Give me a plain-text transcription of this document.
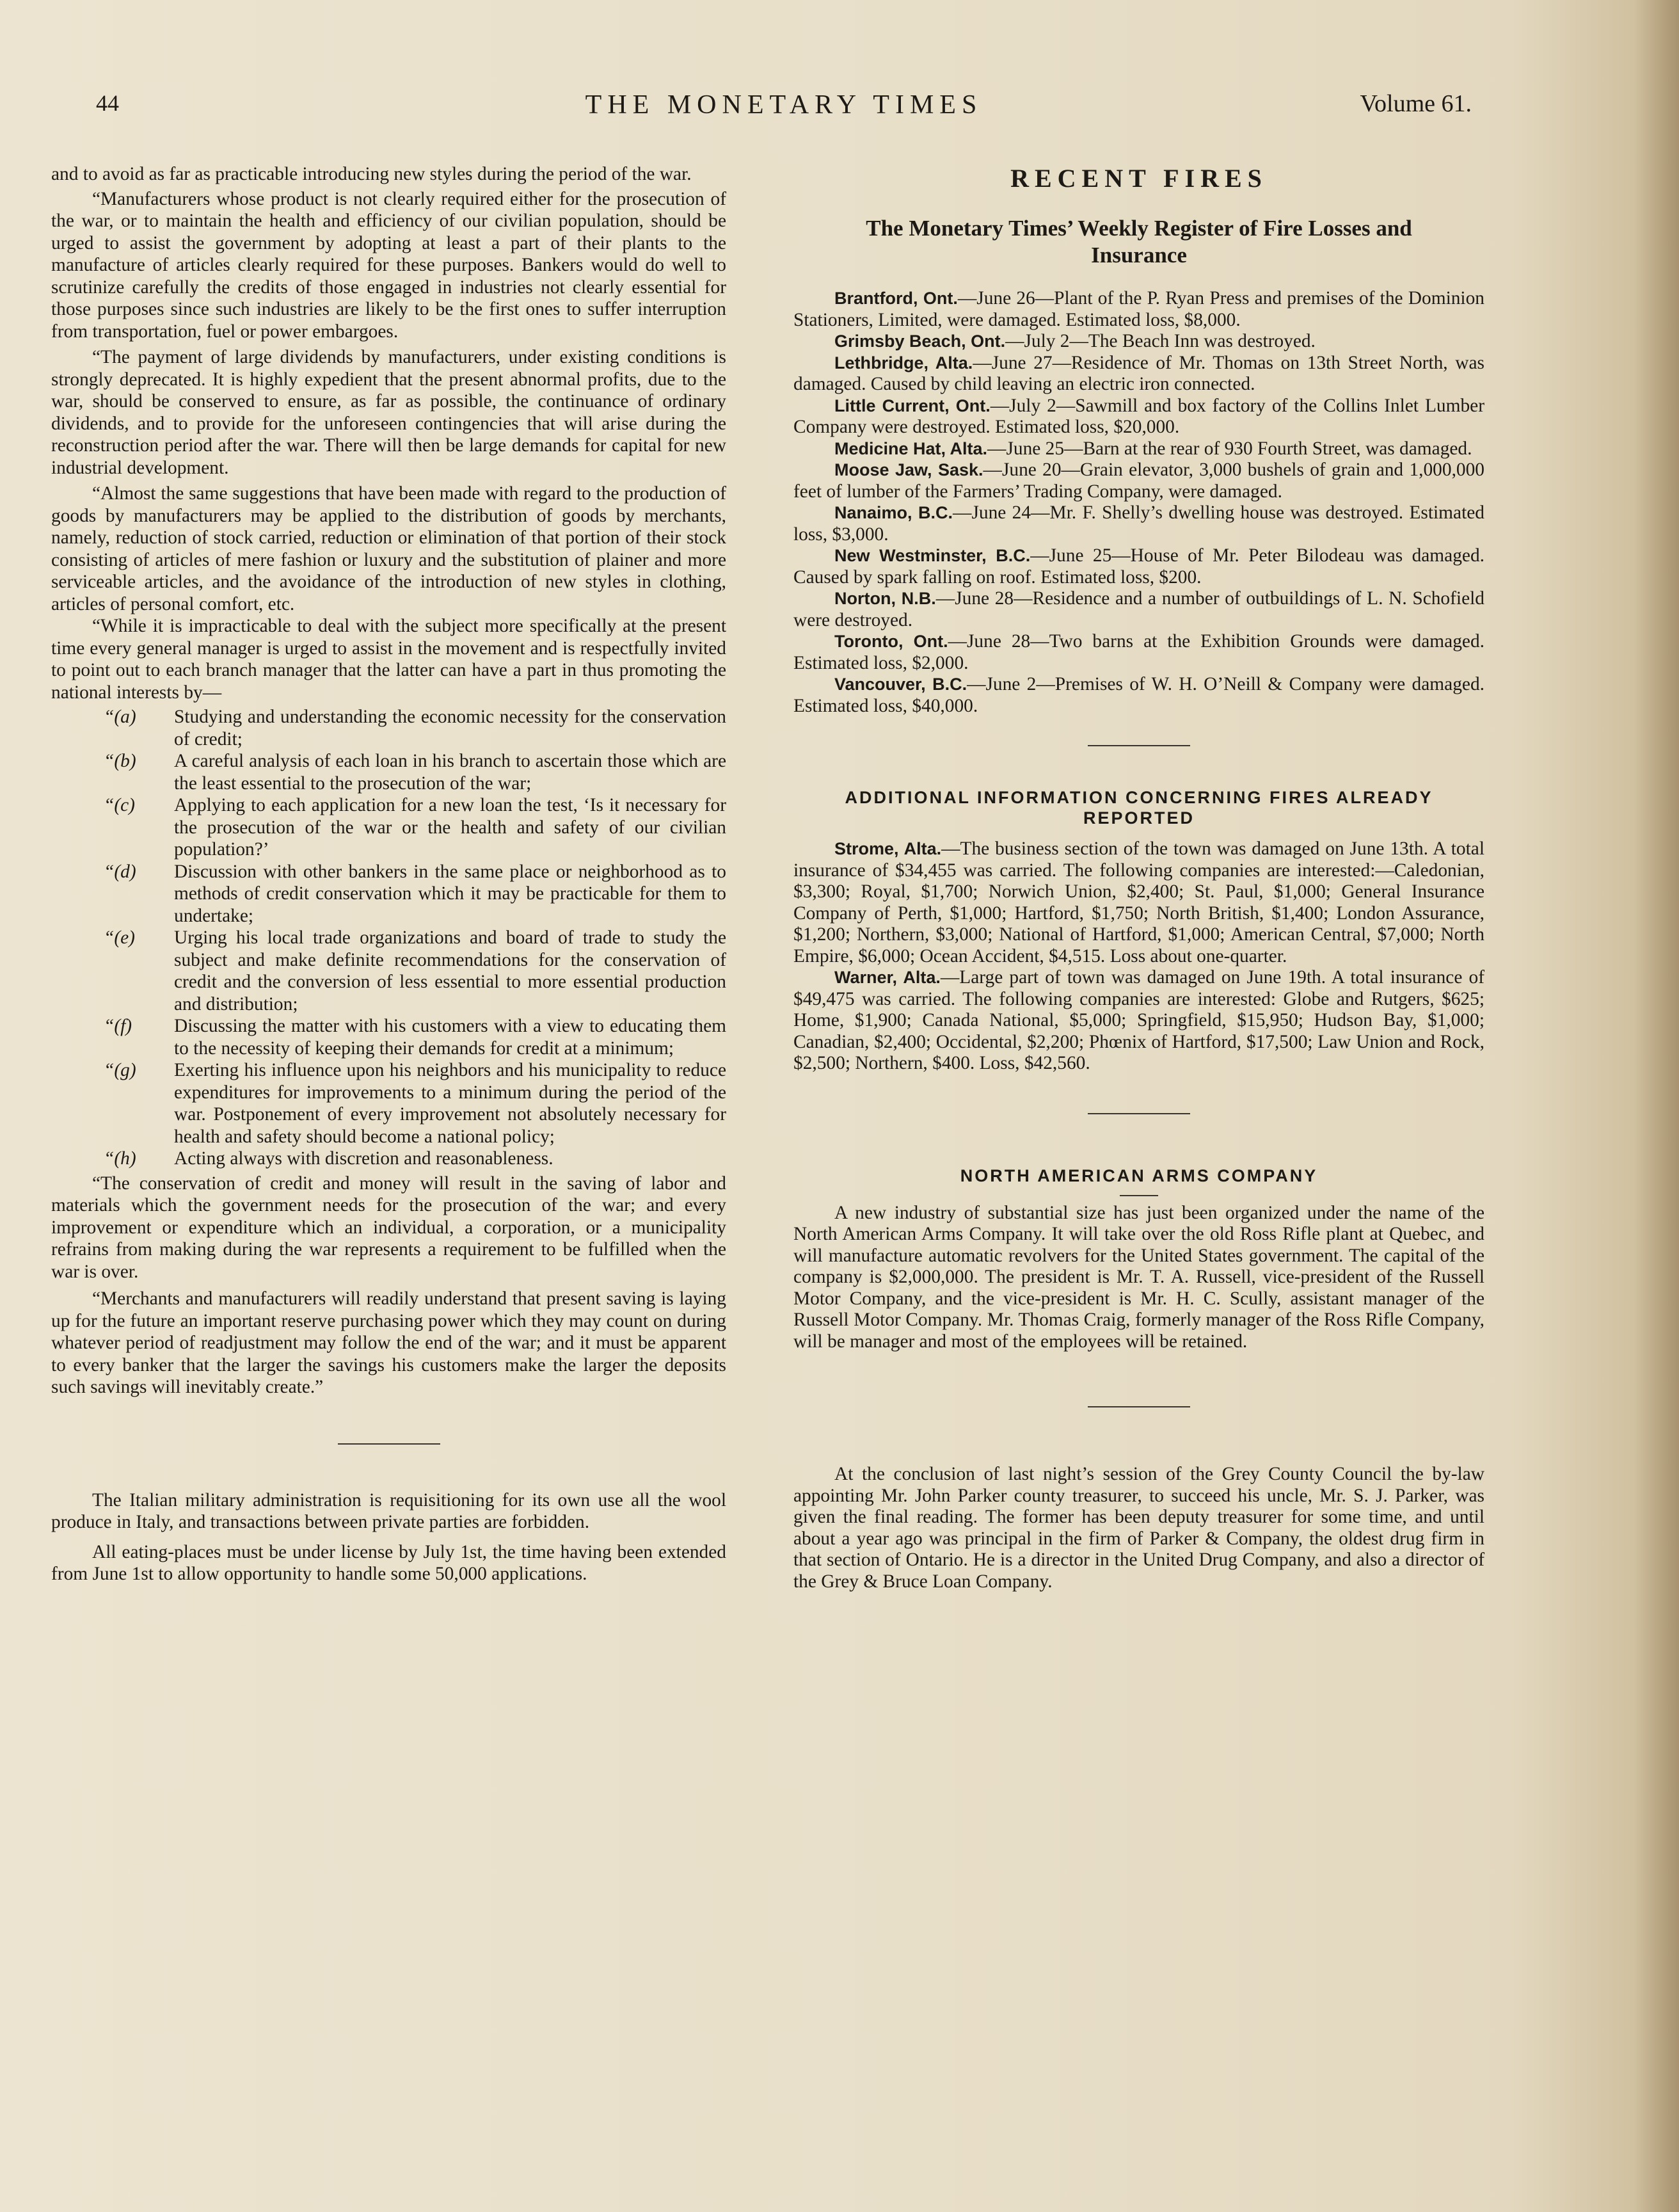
44	THE MONETARY TIMES	Volume 61.

and to avoid as far as practicable introducing new styles during the period of the war.

“Manufacturers whose product is not clearly required either for the prosecution of the war, or to maintain the health and efficiency of our civilian population, should be urged to assist the government by adopting at least a part of their plants to the manufacture of articles clearly required for these purposes. Bankers would do well to scrutinize carefully the credits of those engaged in industries not clearly essential for those purposes since such industries are likely to be the first ones to suffer interruption from transportation, fuel or power embargoes.

“The payment of large dividends by manufacturers, under existing conditions is strongly deprecated. It is highly expedient that the present abnormal profits, due to the war, should be conserved to ensure, as far as possible, the continuance of ordinary dividends, and to provide for the unforeseen contingencies that will arise during the reconstruction period after the war. There will then be large demands for capital for new industrial development.

“Almost the same suggestions that have been made with regard to the production of goods by manufacturers may be applied to the distribution of goods by merchants, namely, reduction of stock carried, reduction or elimination of that portion of their stock consisting of articles of mere fashion or luxury and the substitution of plainer and more serviceable articles, and the avoidance of the introduction of new styles in clothing, articles of personal comfort, etc.

“While it is impracticable to deal with the subject more specifically at the present time every general manager is urged to assist in the movement and is respectfully invited to point out to each branch manager that the latter can have a part in thus promoting the national interests by—

“(a)	Studying and understanding the economic necessity for the conservation of credit;
“(b)	A careful analysis of each loan in his branch to ascertain those which are the least essential to the prosecution of the war;
“(c)	Applying to each application for a new loan the test, ‘Is it necessary for the prosecution of the war or the health and safety of our civilian population?’
“(d)	Discussion with other bankers in the same place or neighborhood as to methods of credit conservation which it may be practicable for them to undertake;
“(e)	Urging his local trade organizations and board of trade to study the subject and make definite recommendations for the conservation of credit and the conversion of less essential to more essential production and distribution;
“(f)	Discussing the matter with his customers with a view to educating them to the necessity of keeping their demands for credit at a minimum;
“(g)	Exerting his influence upon his neighbors and his municipality to reduce expenditures for improvements to a minimum during the period of the war. Postponement of every improvement not absolutely necessary for health and safety should become a national policy;
“(h)	Acting always with discretion and reasonableness.

“The conservation of credit and money will result in the saving of labor and materials which the government needs for the prosecution of the war; and every improvement or expenditure which an individual, a corporation, or a municipality refrains from making during the war represents a requirement to be fulfilled when the war is over.

“Merchants and manufacturers will readily understand that present saving is laying up for the future an important reserve purchasing power which they may count on during whatever period of readjustment may follow the end of the war; and it must be apparent to every banker that the larger the savings his customers make the larger the deposits such savings will inevitably create.”

The Italian military administration is requisitioning for its own use all the wool produce in Italy, and transactions between private parties are forbidden.

All eating-places must be under license by July 1st, the time having been extended from June 1st to allow opportunity to handle some 50,000 applications.

RECENT FIRES
The Monetary Times’ Weekly Register of Fire Losses and Insurance

Brantford, Ont.—June 26—Plant of the P. Ryan Press and premises of the Dominion Stationers, Limited, were damaged. Estimated loss, $8,000.

Grimsby Beach, Ont.—July 2—The Beach Inn was destroyed.

Lethbridge, Alta.—June 27—Residence of Mr. Thomas on 13th Street North, was damaged. Caused by child leaving an electric iron connected.

Little Current, Ont.—July 2—Sawmill and box factory of the Collins Inlet Lumber Company were destroyed. Estimated loss, $20,000.

Medicine Hat, Alta.—June 25—Barn at the rear of 930 Fourth Street, was damaged.

Moose Jaw, Sask.—June 20—Grain elevator, 3,000 bushels of grain and 1,000,000 feet of lumber of the Farmers’ Trading Company, were damaged.

Nanaimo, B.C.—June 24—Mr. F. Shelly’s dwelling house was destroyed. Estimated loss, $3,000.

New Westminster, B.C.—June 25—House of Mr. Peter Bilodeau was damaged. Caused by spark falling on roof. Estimated loss, $200.

Norton, N.B.—June 28—Residence and a number of outbuildings of L. N. Schofield were destroyed.

Toronto, Ont.—June 28—Two barns at the Exhibition Grounds were damaged. Estimated loss, $2,000.

Vancouver, B.C.—June 2—Premises of W. H. O’Neill & Company were damaged. Estimated loss, $40,000.

ADDITIONAL INFORMATION CONCERNING FIRES ALREADY REPORTED

Strome, Alta.—The business section of the town was damaged on June 13th. A total insurance of $34,455 was carried. The following companies are interested:—Caledonian, $3,300; Royal, $1,700; Norwich Union, $2,400; St. Paul, $1,000; General Insurance Company of Perth, $1,000; Hartford, $1,750; North British, $1,400; London Assurance, $1,200; Northern, $3,000; National of Hartford, $1,000; American Central, $7,000; North Empire, $6,000; Ocean Accident, $4,515. Loss about one-quarter.

Warner, Alta.—Large part of town was damaged on June 19th. A total insurance of $49,475 was carried. The following companies are interested: Globe and Rutgers, $625; Home, $1,900; Canada National, $5,000; Springfield, $15,950; Hudson Bay, $1,000; Canadian, $2,400; Occidental, $2,200; Phœnix of Hartford, $17,500; Law Union and Rock, $2,500; Northern, $400. Loss, $42,560.

NORTH AMERICAN ARMS COMPANY

A new industry of substantial size has just been organized under the name of the North American Arms Company. It will take over the old Ross Rifle plant at Quebec, and will manufacture automatic revolvers for the United States government. The capital of the company is $2,000,000. The president is Mr. T. A. Russell, vice-president of the Russell Motor Company, and the vice-president is Mr. H. C. Scully, assistant manager of the Russell Motor Company. Mr. Thomas Craig, formerly manager of the Ross Rifle Company, will be manager and most of the employees will be retained.

At the conclusion of last night’s session of the Grey County Council the by-law appointing Mr. John Parker county treasurer, to succeed his uncle, Mr. S. J. Parker, was given the final reading. The former has been deputy treasurer for some time, and until about a year ago was principal in the firm of Parker & Company, the oldest drug firm in that section of Ontario. He is a director in the United Drug Company, and also a director of the Grey & Bruce Loan Company.
